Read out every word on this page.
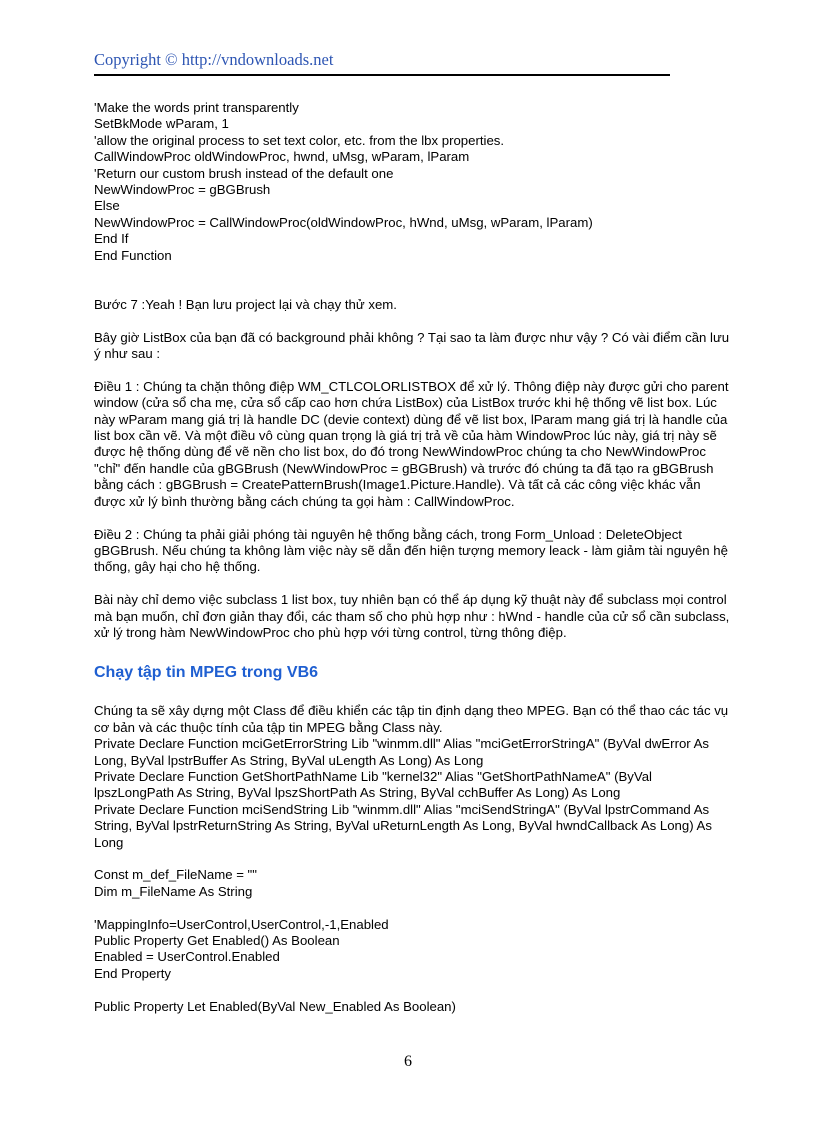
Copyright © http://vndownloads.net
'Make the words print transparently
SetBkMode wParam, 1
'allow the original process to set text color, etc. from the lbx properties.
CallWindowProc oldWindowProc, hwnd, uMsg, wParam, lParam
'Return our custom brush instead of the default one
NewWindowProc = gBGBrush
Else
NewWindowProc = CallWindowProc(oldWindowProc, hWnd, uMsg, wParam, lParam)
End If
End Function

Bước 7 :Yeah ! Bạn lưu project lại và chạy thử xem.

Bây giờ ListBox của bạn đã có background phải không ? Tại sao ta làm được như vậy ? Có vài điểm cần lưu ý như sau :

Điều 1 : Chúng ta chặn thông điệp WM_CTLCOLORLISTBOX để xử lý. Thông điệp này được gửi cho parent window (cửa sổ cha mẹ, cửa sổ cấp cao hơn chứa ListBox) của ListBox trước khi hệ thống vẽ list box. Lúc này wParam mang giá trị là handle DC (devie context) dùng để vẽ list box, lParam mang giá trị là handle của list box cần vẽ. Và một điều vô cùng quan trọng là giá trị trả về của hàm WindowProc lúc này, giá trị này sẽ được hệ thống dùng để vẽ nền cho list box, do đó trong NewWindowProc chúng ta cho NewWindowProc "chỉ" đến handle của gBGBrush (NewWindowProc = gBGBrush) và trước đó chúng ta đã tạo ra gBGBrush bằng cách : gBGBrush = CreatePatternBrush(Image1.Picture.Handle). Và tất cả các công việc khác vẫn được xử lý bình thường bằng cách chúng ta gọi hàm : CallWindowProc.

Điều 2 : Chúng ta phải giải phóng tài nguyên hệ thống bằng cách, trong Form_Unload : DeleteObject gBGBrush. Nếu chúng ta không làm việc này sẽ dẫn đến hiện tượng memory leack - làm giảm tài nguyên hệ thống, gây hại cho hệ thống.

Bài này chỉ demo việc subclass 1 list box, tuy nhiên bạn có thể áp dụng kỹ thuật này để subclass mọi control mà bạn muốn, chỉ đơn giản thay đổi, các tham số cho phù hợp như : hWnd - handle của cử sổ cần subclass, xử lý trong hàm NewWindowProc cho phù hợp với từng control, từng thông điệp.

Chạy tập tin MPEG trong VB6

Chúng ta sẽ xây dựng một Class để điều khiển các tập tin định dạng theo MPEG. Bạn có thể thao các tác vụ cơ bản và các thuộc tính của tập tin MPEG bằng Class này.

Private Declare Function mciGetErrorString Lib "winmm.dll" Alias "mciGetErrorStringA" (ByVal dwError As Long, ByVal lpstrBuffer As String, ByVal uLength As Long) As Long

Private Declare Function GetShortPathName Lib "kernel32" Alias "GetShortPathNameA" (ByVal lpszLongPath As String, ByVal lpszShortPath As String, ByVal cchBuffer As Long) As Long

Private Declare Function mciSendString Lib "winmm.dll" Alias "mciSendStringA" (ByVal lpstrCommand As String, ByVal lpstrReturnString As String, ByVal uReturnLength As Long, ByVal hwndCallback As Long) As Long

Const m_def_FileName = ""
Dim m_FileName As String
'MappingInfo=UserControl,UserControl,-1,Enabled
Public Property Get Enabled() As Boolean
Enabled = UserControl.Enabled
End Property
Public Property Let Enabled(ByVal New_Enabled As Boolean)
6
